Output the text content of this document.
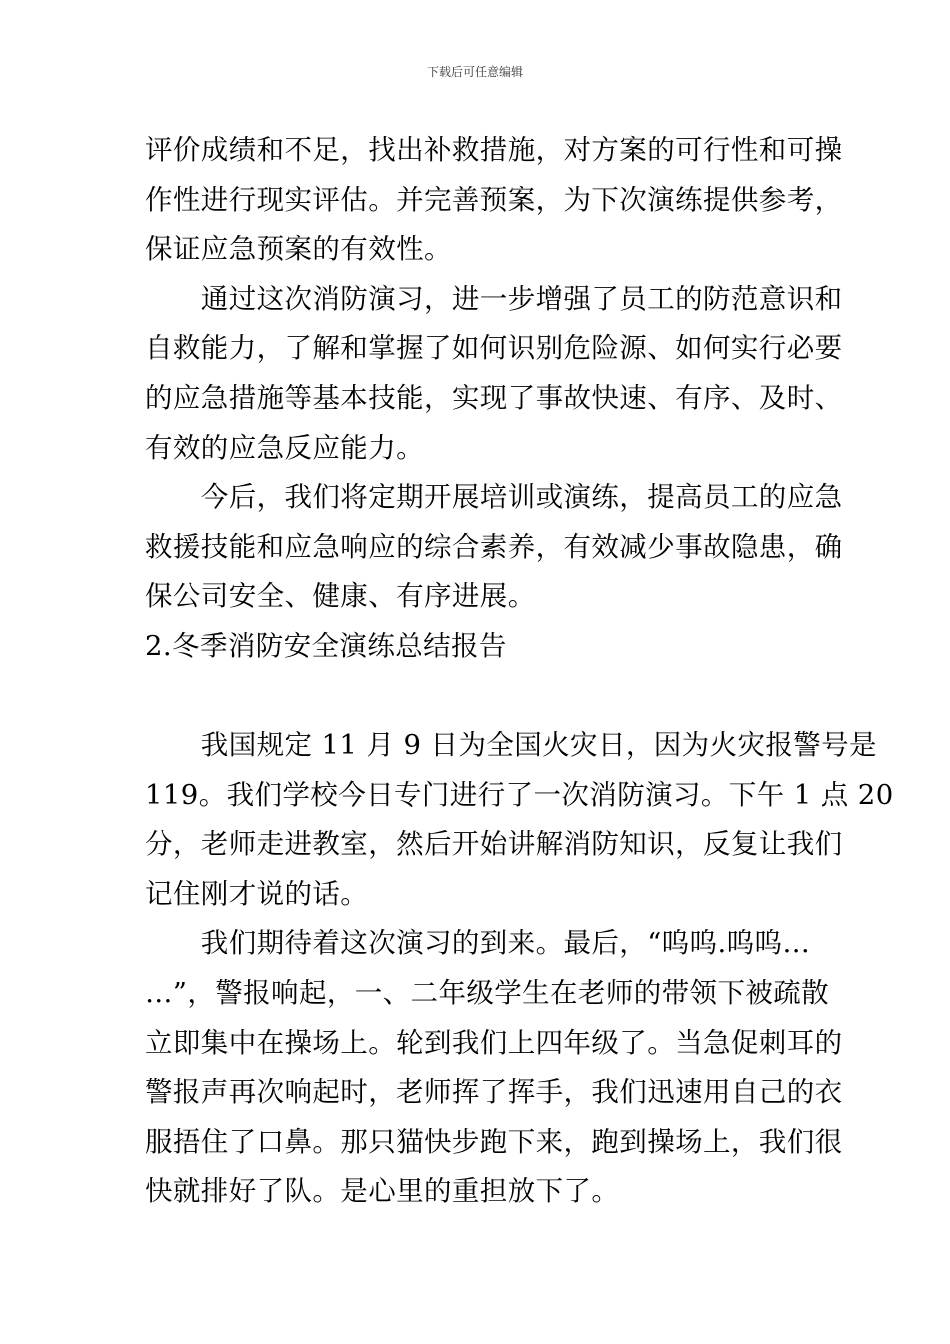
下载后可任意编辑
评价成绩和不足，找出补救措施，对方案的可行性和可操
作性进行现实评估。并完善预案，为下次演练提供参考，
保证应急预案的有效性。
　　通过这次消防演习，进一步增强了员工的防范意识和
自救能力，了解和掌握了如何识别危险源、如何实行必要
的应急措施等基本技能，实现了事故快速、有序、及时、
有效的应急反应能力。
　　今后，我们将定期开展培训或演练，提高员工的应急
救援技能和应急响应的综合素养，有效减少事故隐患，确
保公司安全、健康、有序进展。
2.冬季消防安全演练总结报告
　　我国规定 11 月 9 日为全国火灾日，因为火灾报警号是
119。我们学校今日专门进行了一次消防演习。下午 1 点 20
分，老师走进教室，然后开始讲解消防知识，反复让我们
记住刚才说的话。
　　我们期待着这次演习的到来。最后，“呜呜.呜呜…
…”，警报响起，一、二年级学生在老师的带领下被疏散
立即集中在操场上。轮到我们上四年级了。当急促刺耳的
警报声再次响起时，老师挥了挥手，我们迅速用自己的衣
服捂住了口鼻。那只猫快步跑下来，跑到操场上，我们很
快就排好了队。是心里的重担放下了。
